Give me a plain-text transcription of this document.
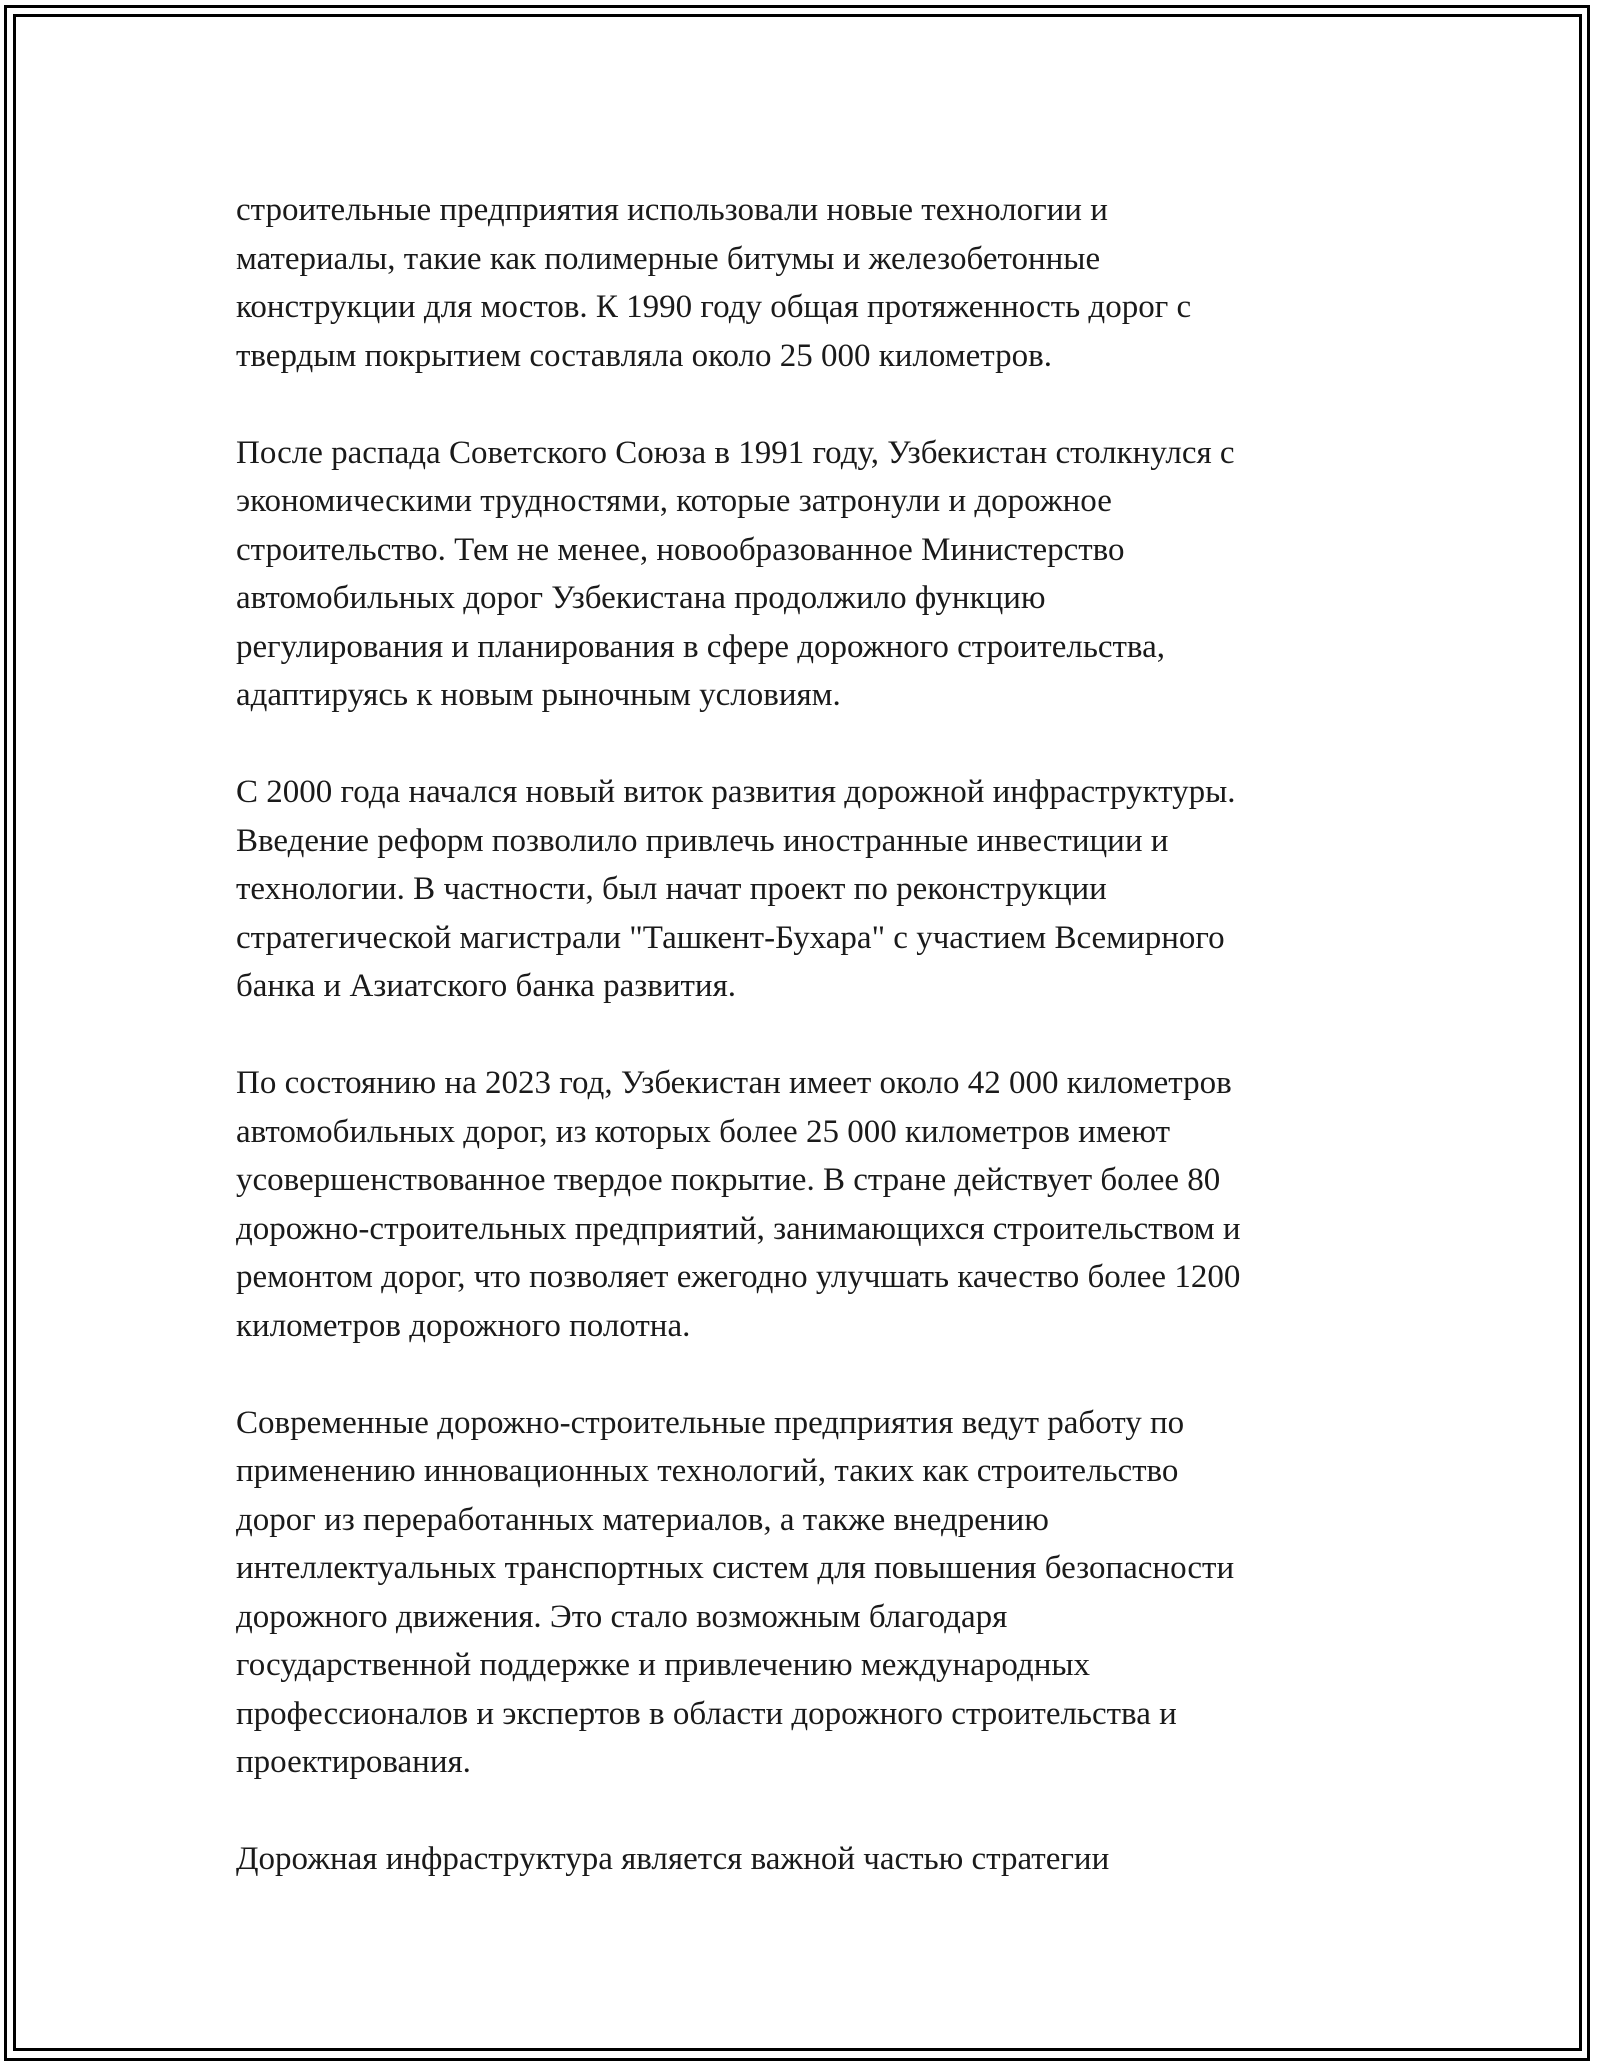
строительные предприятия использовали новые технологии и
материалы, такие как полимерные битумы и железобетонные
конструкции для мостов. К 1990 году общая протяженность дорог с
твердым покрытием составляла около 25 000 километров.

После распада Советского Союза в 1991 году, Узбекистан столкнулся с
экономическими трудностями, которые затронули и дорожное
строительство. Тем не менее, новообразованное Министерство
автомобильных дорог Узбекистана продолжило функцию
регулирования и планирования в сфере дорожного строительства,
адаптируясь к новым рыночным условиям.

С 2000 года начался новый виток развития дорожной инфраструктуры.
Введение реформ позволило привлечь иностранные инвестиции и
технологии. В частности, был начат проект по реконструкции
стратегической магистрали "Ташкент-Бухара" с участием Всемирного
банка и Азиатского банка развития.

По состоянию на 2023 год, Узбекистан имеет около 42 000 километров
автомобильных дорог, из которых более 25 000 километров имеют
усовершенствованное твердое покрытие. В стране действует более 80
дорожно-строительных предприятий, занимающихся строительством и
ремонтом дорог, что позволяет ежегодно улучшать качество более 1200
километров дорожного полотна.

Современные дорожно-строительные предприятия ведут работу по
применению инновационных технологий, таких как строительство
дорог из переработанных материалов, а также внедрению
интеллектуальных транспортных систем для повышения безопасности
дорожного движения. Это стало возможным благодаря
государственной поддержке и привлечению международных
профессионалов и экспертов в области дорожного строительства и
проектирования.

Дорожная инфраструктура является важной частью стратегии
